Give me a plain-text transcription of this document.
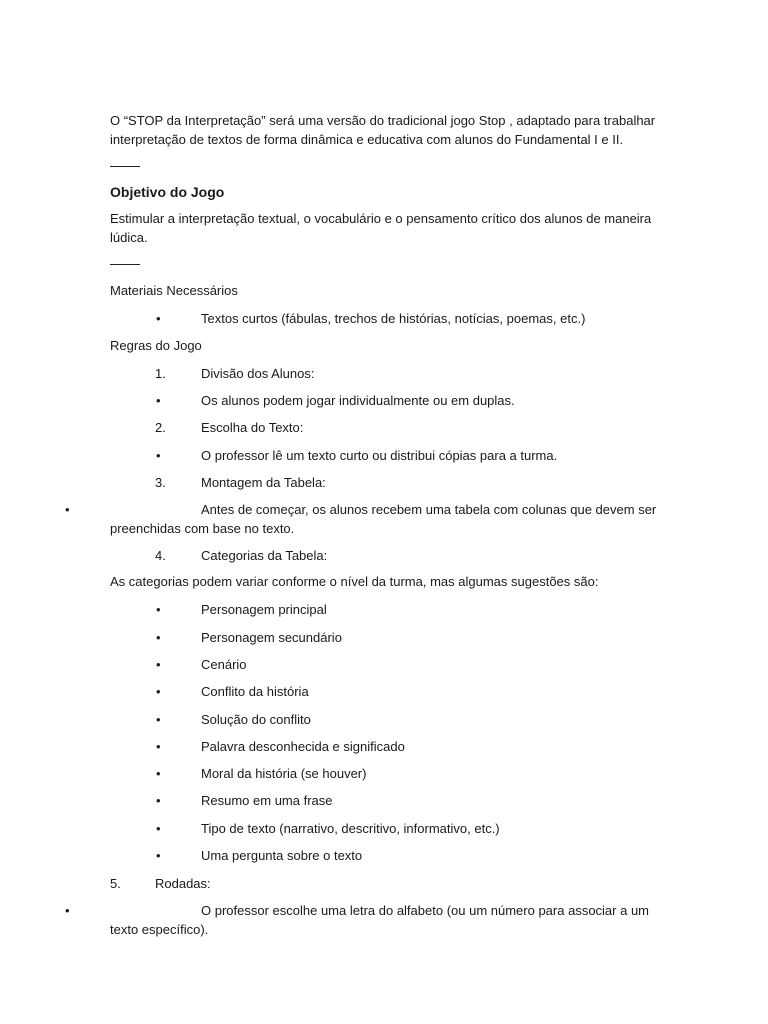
O “STOP da Interpretação” será uma versão do tradicional jogo Stop , adaptado para trabalhar interpretação de textos de forma dinâmica e educativa com alunos do Fundamental I e II.
Objetivo do Jogo
Estimular a interpretação textual, o vocabulário e o pensamento crítico dos alunos de maneira lúdica.
Materiais Necessários
•	Textos curtos (fábulas, trechos de histórias, notícias, poemas, etc.)
Regras do Jogo
1.	Divisão dos Alunos:
•	Os alunos podem jogar individualmente ou em duplas.
2.	Escolha do Texto:
•	O professor lê um texto curto ou distribui cópias para a turma.
3.	Montagem da Tabela:
•	Antes de começar, os alunos recebem uma tabela com colunas que devem ser preenchidas com base no texto.
4.	Categorias da Tabela:
As categorias podem variar conforme o nível da turma, mas algumas sugestões são:
•	Personagem principal
•	Personagem secundário
•	Cenário
•	Conflito da história
•	Solução do conflito
•	Palavra desconhecida e significado
•	Moral da história (se houver)
•	Resumo em uma frase
•	Tipo de texto (narrativo, descritivo, informativo, etc.)
•	Uma pergunta sobre o texto
5.	Rodadas:
•	O professor escolhe uma letra do alfabeto (ou um número para associar a um texto específico).
